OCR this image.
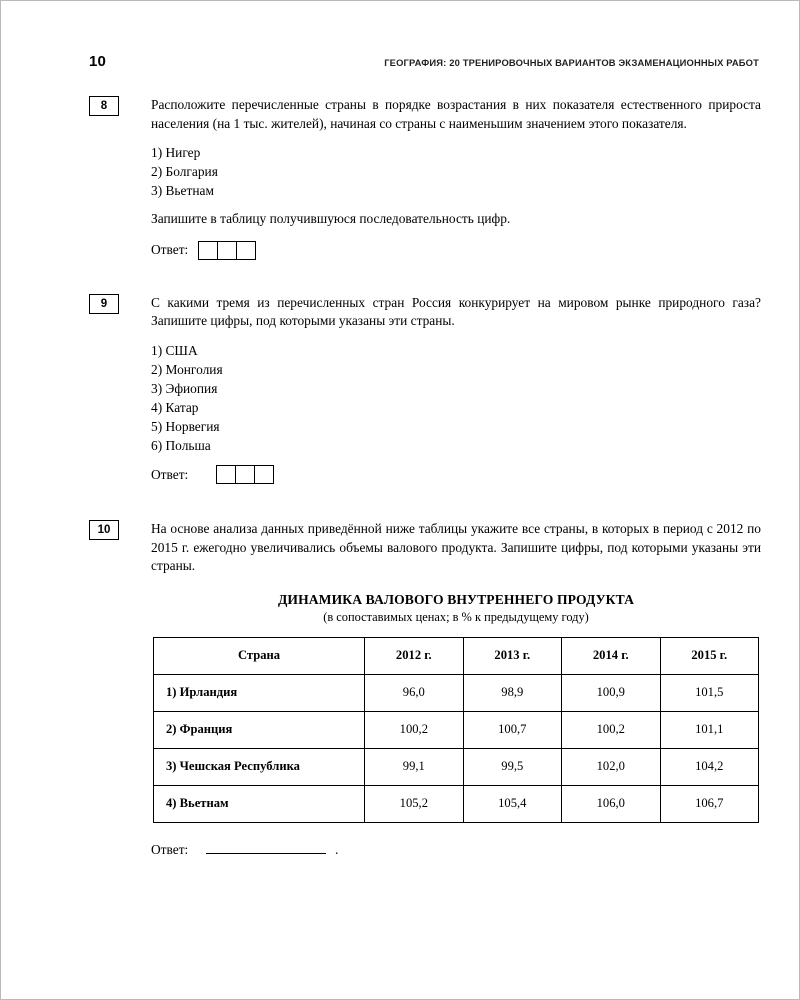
10	ГЕОГРАФИЯ: 20 ТРЕНИРОВОЧНЫХ ВАРИАНТОВ ЭКЗАМЕНАЦИОННЫХ РАБОТ
8	Расположите перечисленные страны в порядке возрастания в них показателя естественного прироста населения (на 1 тыс. жителей), начиная со страны с наименьшим значением этого показателя.

1) Нигер
2) Болгария
3) Вьетнам

Запишите в таблицу получившуюся последовательность цифр.

Ответ:
9	С какими тремя из перечисленных стран Россия конкурирует на мировом рынке природного газа? Запишите цифры, под которыми указаны эти страны.

1) США
2) Монголия
3) Эфиопия
4) Катар
5) Норвегия
6) Польша
Ответ:
10	На основе анализа данных приведённой ниже таблицы укажите все страны, в которых в период с 2012 по 2015 г. ежегодно увеличивались объемы валового продукта. Запишите цифры, под которыми указаны эти страны.

ДИНАМИКА ВАЛОВОГО ВНУТРЕННЕГО ПРОДУКТА
(в сопоставимых ценах; в % к предыдущему году)
Страна	2012 г.	2013 г.	2014 г.	2015 г.
1) Ирландия	96,0	98,9	100,9	101,5
2) Франция	100,2	100,7	100,2	101,1
3) Чешская Республика	99,1	99,5	102,0	104,2
4) Вьетнам	105,2	105,4	106,0	106,7
Ответ:	.
